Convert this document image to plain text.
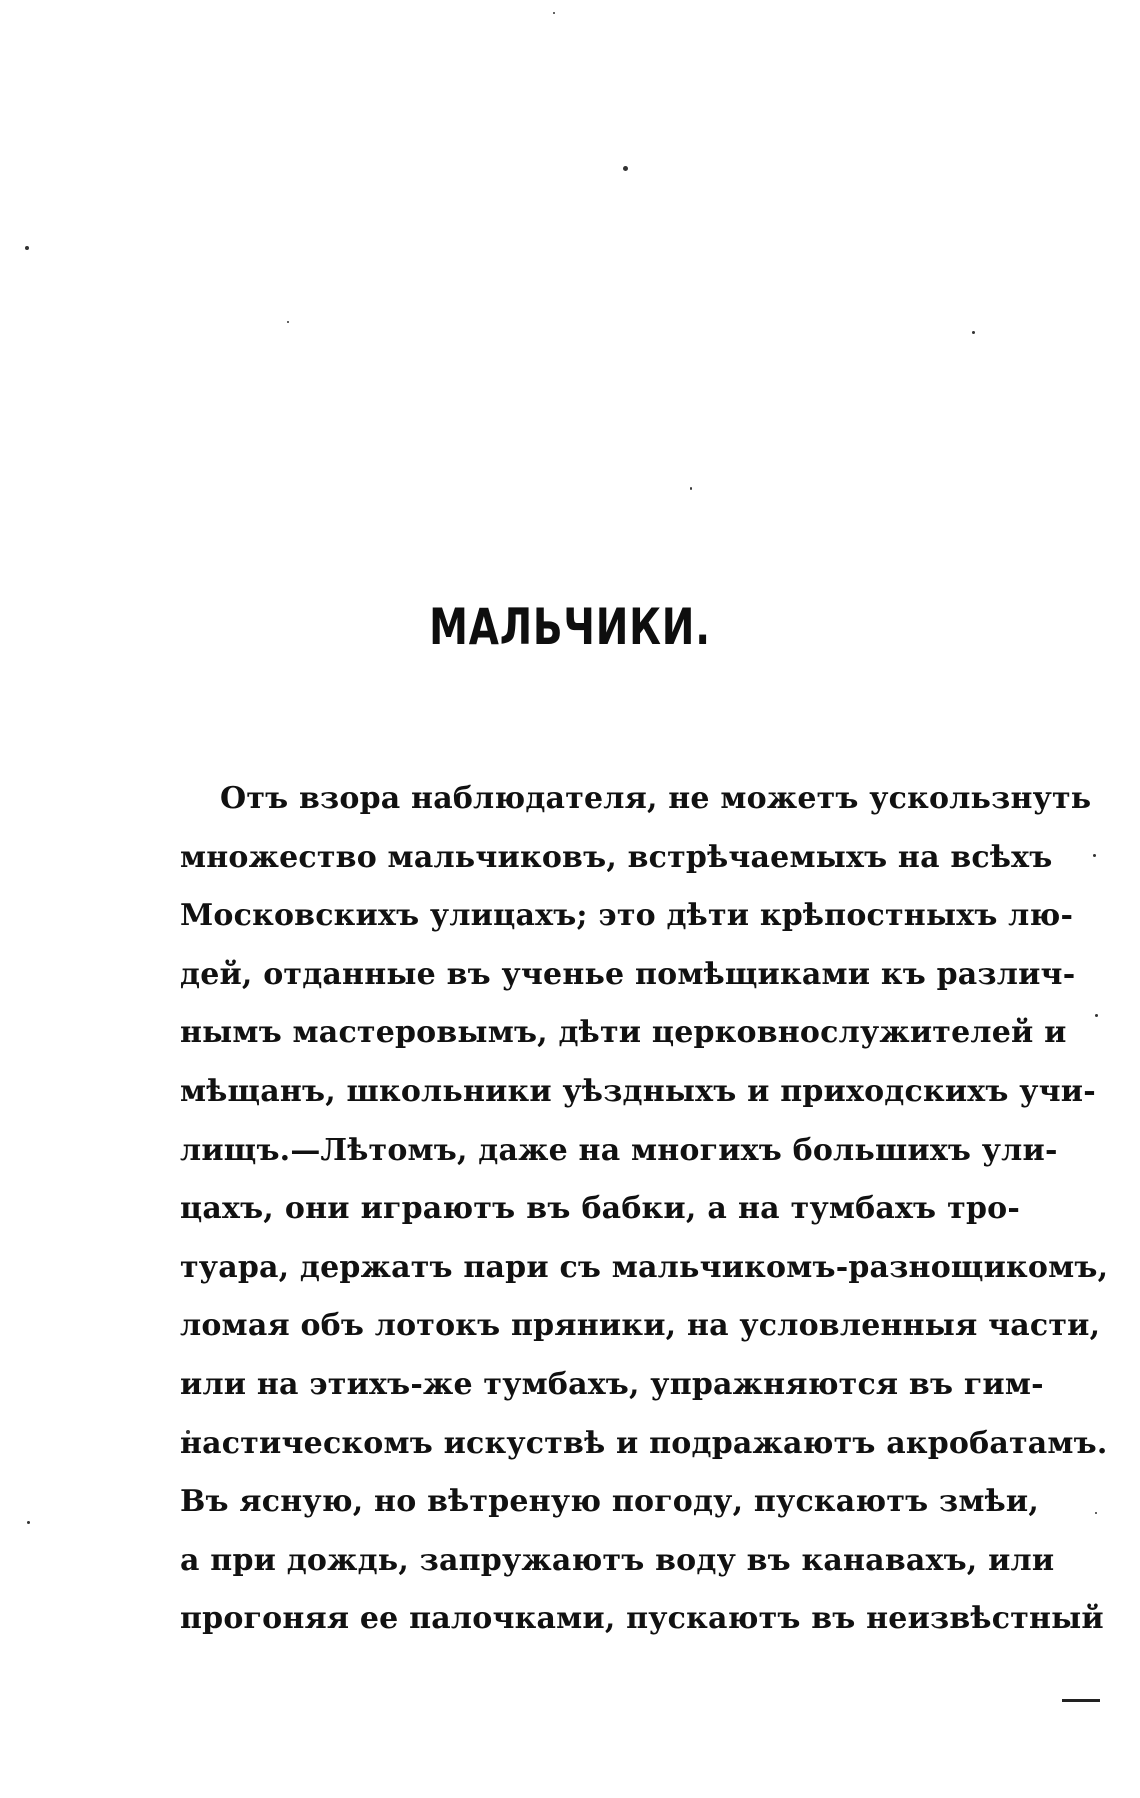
МАЛЬЧИКИ.
Отъ взора наблюдателя, не можетъ ускользнуть
множество мальчиковъ, встрѣчаемыхъ на всѣхъ
Московскихъ улицахъ; это дѣти крѣпостныхъ лю-
дей, отданные въ ученье помѣщиками къ различ-
нымъ мастеровымъ, дѣти церковнослужителей и
мѣщанъ, школьники уѣздныхъ и приходскихъ учи-
лищъ.—Лѣтомъ, даже на многихъ большихъ ули-
цахъ, они играютъ въ бабки, а на тумбахъ тро-
туара, держатъ пари съ мальчикомъ-разнощикомъ,
ломая объ лотокъ пряники, на условленныя части,
или на этихъ-же тумбахъ, упражняются въ гим-
настическомъ искуствѣ и подражаютъ акробатамъ.
Въ ясную, но вѣтреную погоду, пускаютъ змѣи,
а при дождь, запружаютъ воду въ канавахъ, или
прогоняя ее палочками, пускаютъ въ неизвѣстный
